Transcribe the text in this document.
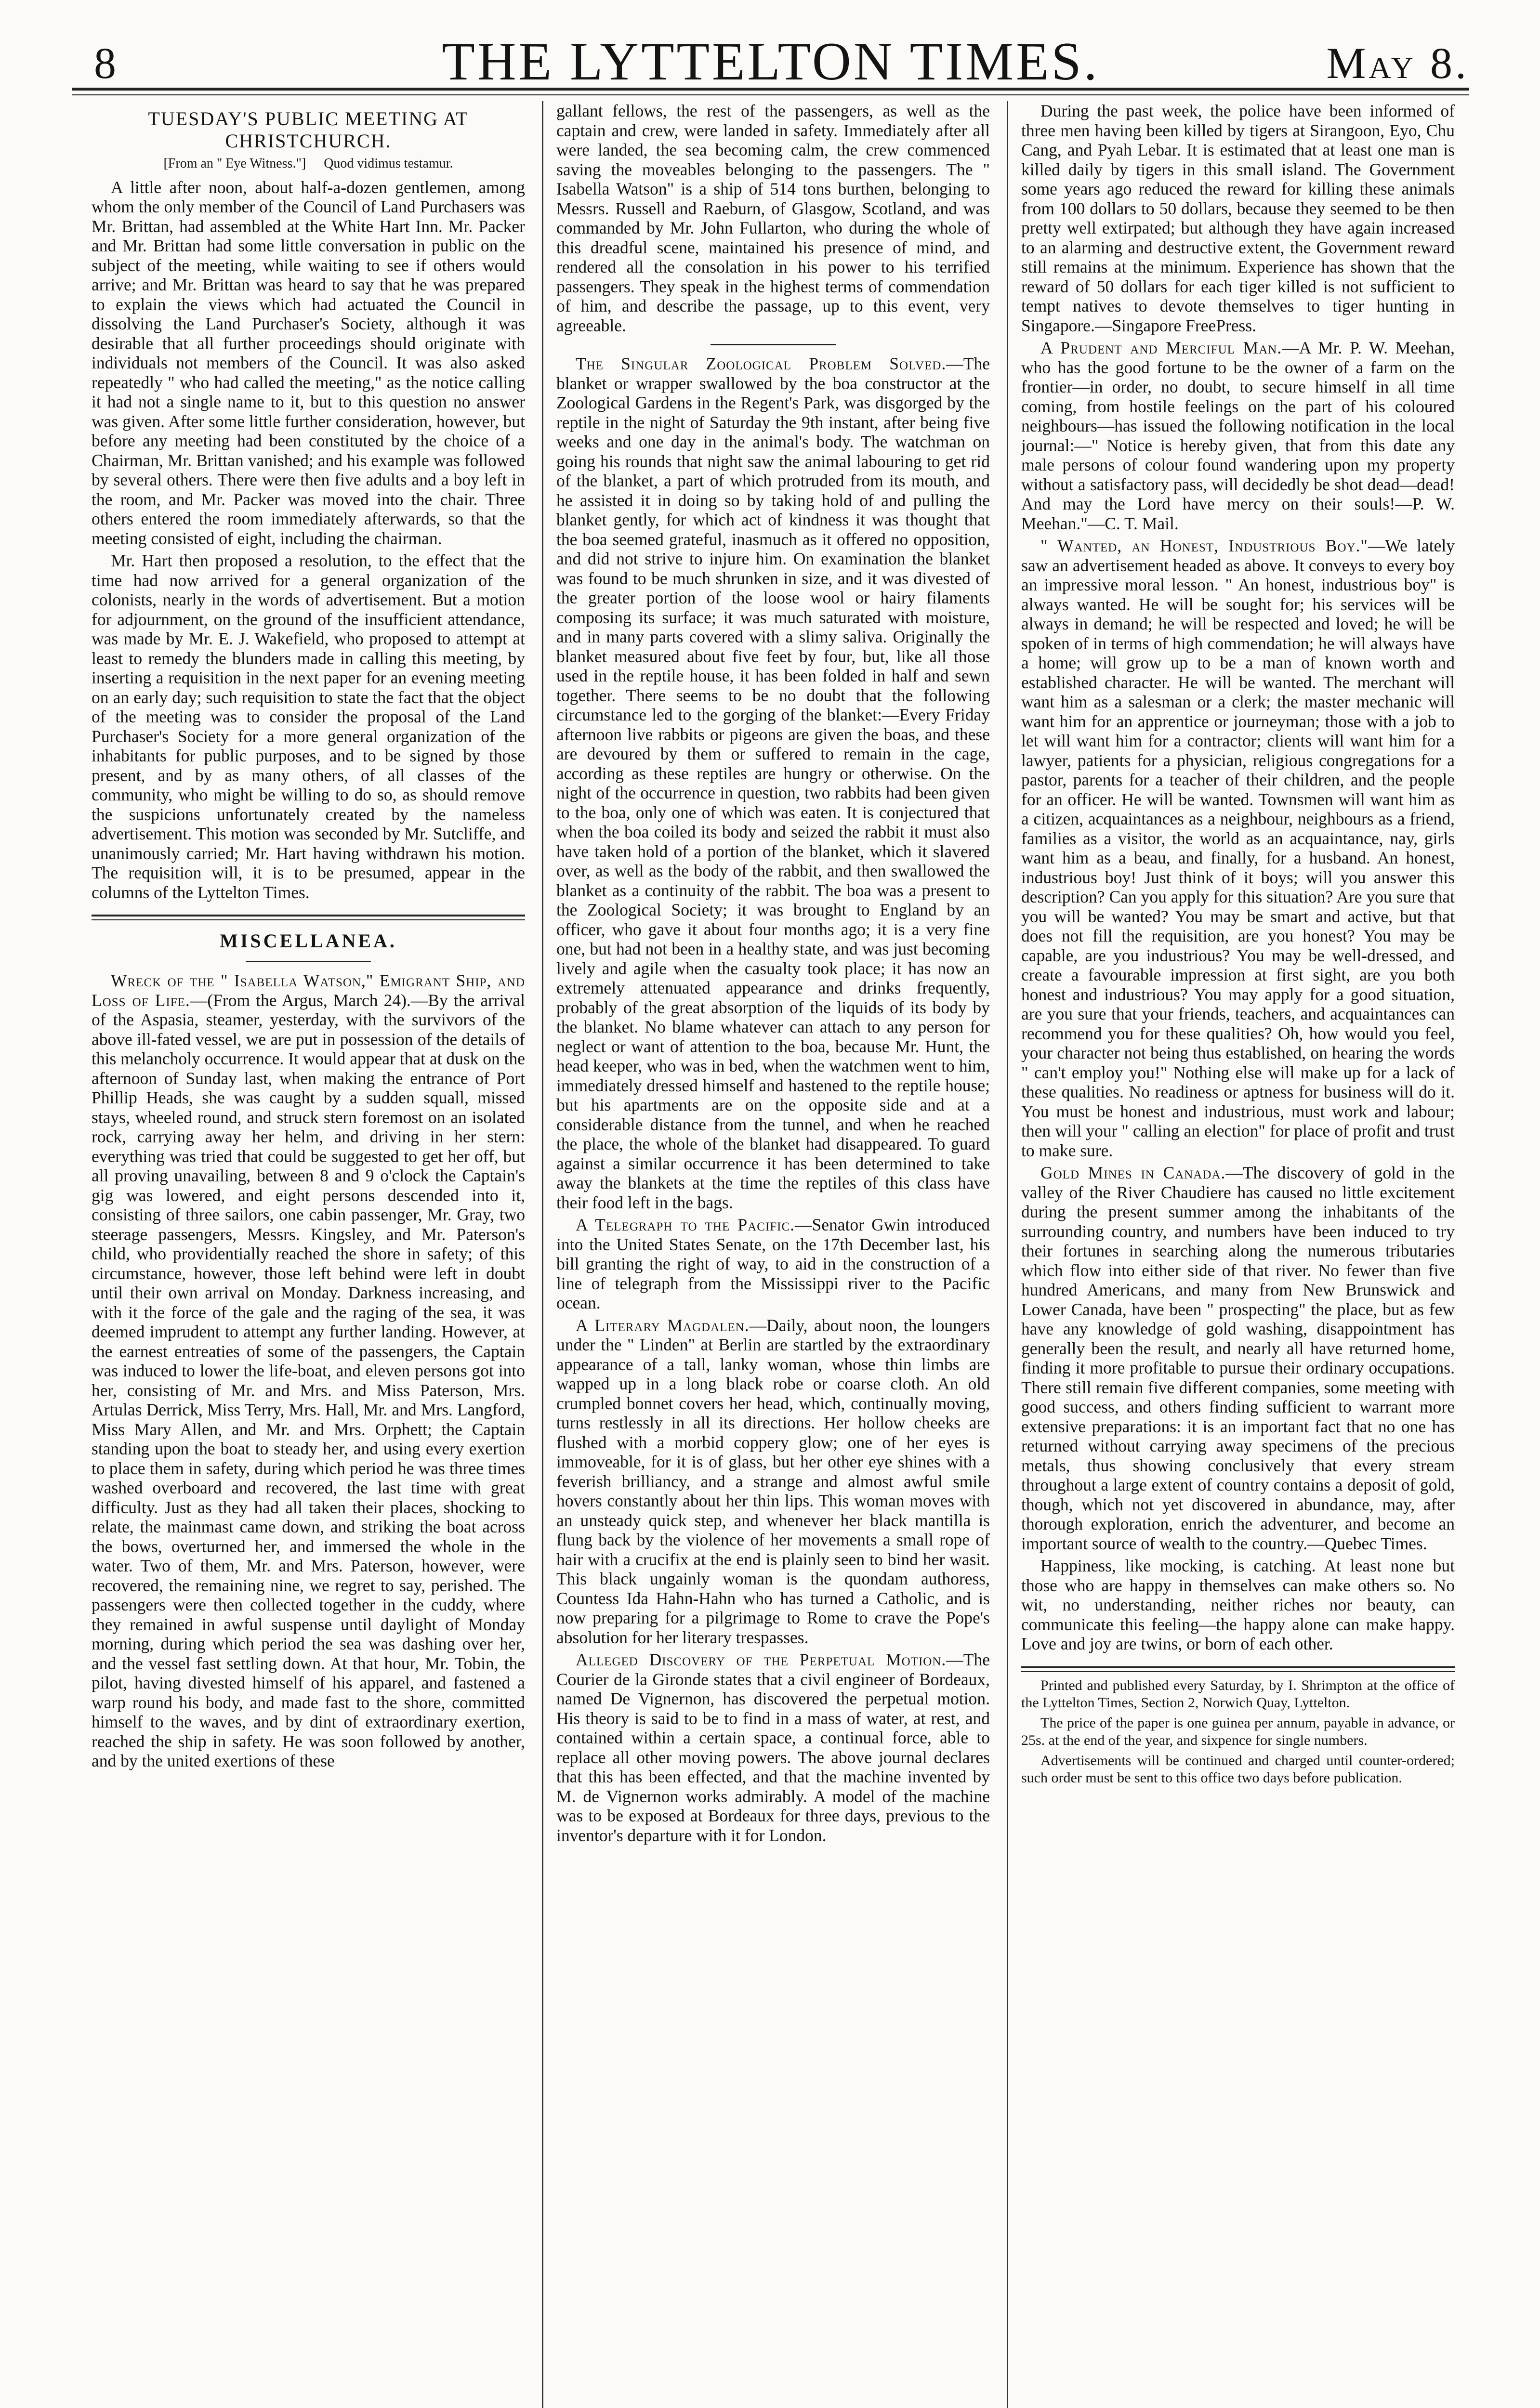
8	THE LYTTELTON TIMES.	May 8.
TUESDAY'S PUBLIC MEETING AT CHRISTCHURCH.

[From an " Eye Witness."] Quod vidimus testamur.

A little after noon, about half-a-dozen gentlemen, among whom the only member of the Council of Land Purchasers was Mr. Brittan, had assembled at the White Hart Inn. Mr. Packer and Mr. Brittan had some little conversation in public on the subject of the meeting, while waiting to see if others would arrive; and Mr. Brittan was heard to say that he was prepared to explain the views which had actuated the Council in dissolving the Land Purchaser's Society, although it was desirable that all further proceedings should originate with individuals not members of the Council. It was also asked repeatedly " who had called the meeting," as the notice calling it had not a single name to it, but to this question no answer was given. After some little further consideration, however, but before any meeting had been constituted by the choice of a Chairman, Mr. Brittan vanished; and his example was followed by several others. There were then five adults and a boy left in the room, and Mr. Packer was moved into the chair. Three others entered the room immediately afterwards, so that the meeting consisted of eight, including the chairman.

Mr. Hart then proposed a resolution, to the effect that the time had now arrived for a general organization of the colonists, nearly in the words of advertisement. But a motion for adjournment, on the ground of the insufficient attendance, was made by Mr. E. J. Wakefield, who proposed to attempt at least to remedy the blunders made in calling this meeting, by inserting a requisition in the next paper for an evening meeting on an early day; such requisition to state the fact that the object of the meeting was to consider the proposal of the Land Purchaser's Society for a more general organization of the inhabitants for public purposes, and to be signed by those present, and by as many others, of all classes of the community, who might be willing to do so, as should remove the suspicions unfortunately created by the nameless advertisement. This motion was seconded by Mr. Sutcliffe, and unanimously carried; Mr. Hart having withdrawn his motion. The requisition will, it is to be presumed, appear in the columns of the Lyttelton Times.

MISCELLANEA.

Wreck of the " Isabella Watson," Emigrant Ship, and Loss of Life.—(From the Argus, March 24).—By the arrival of the Aspasia, steamer, yesterday, with the survivors of the above ill-fated vessel, we are put in possession of the details of this melancholy occurrence. It would appear that at dusk on the afternoon of Sunday last, when making the entrance of Port Phillip Heads, she was caught by a sudden squall, missed stays, wheeled round, and struck stern foremost on an isolated rock, carrying away her helm, and driving in her stern: everything was tried that could be suggested to get her off, but all proving unavailing, between 8 and 9 o'clock the Captain's gig was lowered, and eight persons descended into it, consisting of three sailors, one cabin passenger, Mr. Gray, two steerage passengers, Messrs. Kingsley, and Mr. Paterson's child, who providentially reached the shore in safety; of this circumstance, however, those left behind were left in doubt until their own arrival on Monday. Darkness increasing, and with it the force of the gale and the raging of the sea, it was deemed imprudent to attempt any further landing. However, at the earnest entreaties of some of the passengers, the Captain was induced to lower the life-boat, and eleven persons got into her, consisting of Mr. and Mrs. and Miss Paterson, Mrs. Artulas Derrick, Miss Terry, Mrs. Hall, Mr. and Mrs. Langford, Miss Mary Allen, and Mr. and Mrs. Orphett; the Captain standing upon the boat to steady her, and using every exertion to place them in safety, during which period he was three times washed overboard and recovered, the last time with great difficulty. Just as they had all taken their places, shocking to relate, the mainmast came down, and striking the boat across the bows, overturned her, and immersed the whole in the water. Two of them, Mr. and Mrs. Paterson, however, were recovered, the remaining nine, we regret to say, perished. The passengers were then collected together in the cuddy, where they remained in awful suspense until daylight of Monday morning, during which period the sea was dashing over her, and the vessel fast settling down. At that hour, Mr. Tobin, the pilot, having divested himself of his apparel, and fastened a warp round his body, and made fast to the shore, committed himself to the waves, and by dint of extraordinary exertion, reached the ship in safety. He was soon followed by another, and by the united exertions of these

gallant fellows, the rest of the passengers, as well as the captain and crew, were landed in safety. Immediately after all were landed, the sea becoming calm, the crew commenced saving the moveables belonging to the passengers. The " Isabella Watson" is a ship of 514 tons burthen, belonging to Messrs. Russell and Raeburn, of Glasgow, Scotland, and was commanded by Mr. John Fullarton, who during the whole of this dreadful scene, maintained his presence of mind, and rendered all the consolation in his power to his terrified passengers. They speak in the highest terms of commendation of him, and describe the passage, up to this event, very agreeable.

The Singular Zoological Problem Solved.—The blanket or wrapper swallowed by the boa constructor at the Zoological Gardens in the Regent's Park, was disgorged by the reptile in the night of Saturday the 9th instant, after being five weeks and one day in the animal's body. The watchman on going his rounds that night saw the animal labouring to get rid of the blanket, a part of which protruded from its mouth, and he assisted it in doing so by taking hold of and pulling the blanket gently, for which act of kindness it was thought that the boa seemed grateful, inasmuch as it offered no opposition, and did not strive to injure him. On examination the blanket was found to be much shrunken in size, and it was divested of the greater portion of the loose wool or hairy filaments composing its surface; it was much saturated with moisture, and in many parts covered with a slimy saliva. Originally the blanket measured about five feet by four, but, like all those used in the reptile house, it has been folded in half and sewn together. There seems to be no doubt that the following circumstance led to the gorging of the blanket:—Every Friday afternoon live rabbits or pigeons are given the boas, and these are devoured by them or suffered to remain in the cage, according as these reptiles are hungry or otherwise. On the night of the occurrence in question, two rabbits had been given to the boa, only one of which was eaten. It is conjectured that when the boa coiled its body and seized the rabbit it must also have taken hold of a portion of the blanket, which it slavered over, as well as the body of the rabbit, and then swallowed the blanket as a continuity of the rabbit. The boa was a present to the Zoological Society; it was brought to England by an officer, who gave it about four months ago; it is a very fine one, but had not been in a healthy state, and was just becoming lively and agile when the casualty took place; it has now an extremely attenuated appearance and drinks frequently, probably of the great absorption of the liquids of its body by the blanket. No blame whatever can attach to any person for neglect or want of attention to the boa, because Mr. Hunt, the head keeper, who was in bed, when the watchmen went to him, immediately dressed himself and hastened to the reptile house; but his apartments are on the opposite side and at a considerable distance from the tunnel, and when he reached the place, the whole of the blanket had disappeared. To guard against a similar occurrence it has been determined to take away the blankets at the time the reptiles of this class have their food left in the bags.

A Telegraph to the Pacific.—Senator Gwin introduced into the United States Senate, on the 17th December last, his bill granting the right of way, to aid in the construction of a line of telegraph from the Mississippi river to the Pacific ocean.

A Literary Magdalen.—Daily, about noon, the loungers under the " Linden" at Berlin are startled by the extraordinary appearance of a tall, lanky woman, whose thin limbs are wapped up in a long black robe or coarse cloth. An old crumpled bonnet covers her head, which, continually moving, turns restlessly in all its directions. Her hollow cheeks are flushed with a morbid coppery glow; one of her eyes is immoveable, for it is of glass, but her other eye shines with a feverish brilliancy, and a strange and almost awful smile hovers constantly about her thin lips. This woman moves with an unsteady quick step, and whenever her black mantilla is flung back by the violence of her movements a small rope of hair with a crucifix at the end is plainly seen to bind her wasit. This black ungainly woman is the quondam authoress, Countess Ida Hahn-Hahn who has turned a Catholic, and is now preparing for a pilgrimage to Rome to crave the Pope's absolution for her literary trespasses.

Alleged Discovery of the Perpetual Motion.—The Courier de la Gironde states that a civil engineer of Bordeaux, named De Vignernon, has discovered the perpetual motion. His theory is said to be to find in a mass of water, at rest, and contained within a certain space, a continual force, able to replace all other moving powers. The above journal declares that this has been effected, and that the machine invented by M. de Vignernon works admirably. A model of the machine was to be exposed at Bordeaux for three days, previous to the inventor's departure with it for London.

During the past week, the police have been informed of three men having been killed by tigers at Sirangoon, Eyo, Chu Cang, and Pyah Lebar. It is estimated that at least one man is killed daily by tigers in this small island. The Government some years ago reduced the reward for killing these animals from 100 dollars to 50 dollars, because they seemed to be then pretty well extirpated; but although they have again increased to an alarming and destructive extent, the Government reward still remains at the minimum. Experience has shown that the reward of 50 dollars for each tiger killed is not sufficient to tempt natives to devote themselves to tiger hunting in Singapore.—Singapore FreePress.

A Prudent and Merciful Man.—A Mr. P. W. Meehan, who has the good fortune to be the owner of a farm on the frontier—in order, no doubt, to secure himself in all time coming, from hostile feelings on the part of his coloured neighbours—has issued the following notification in the local journal:—" Notice is hereby given, that from this date any male persons of colour found wandering upon my property without a satisfactory pass, will decidedly be shot dead—dead! And may the Lord have mercy on their souls!—P. W. Meehan."—C. T. Mail.

" Wanted, an Honest, Industrious Boy."—We lately saw an advertisement headed as above. It conveys to every boy an impressive moral lesson. " An honest, industrious boy" is always wanted. He will be sought for; his services will be always in demand; he will be respected and loved; he will be spoken of in terms of high commendation; he will always have a home; will grow up to be a man of known worth and established character. He will be wanted. The merchant will want him as a salesman or a clerk; the master mechanic will want him for an apprentice or journeyman; those with a job to let will want him for a contractor; clients will want him for a lawyer, patients for a physician, religious congregations for a pastor, parents for a teacher of their children, and the people for an officer. He will be wanted. Townsmen will want him as a citizen, acquaintances as a neighbour, neighbours as a friend, families as a visitor, the world as an acquaintance, nay, girls want him as a beau, and finally, for a husband. An honest, industrious boy! Just think of it boys; will you answer this description? Can you apply for this situation? Are you sure that you will be wanted? You may be smart and active, but that does not fill the requisition, are you honest? You may be capable, are you industrious? You may be well-dressed, and create a favourable impression at first sight, are you both honest and industrious? You may apply for a good situation, are you sure that your friends, teachers, and acquaintances can recommend you for these qualities? Oh, how would you feel, your character not being thus established, on hearing the words " can't employ you!" Nothing else will make up for a lack of these qualities. No readiness or aptness for business will do it. You must be honest and industrious, must work and labour; then will your " calling an election" for place of profit and trust to make sure.

Gold Mines in Canada.—The discovery of gold in the valley of the River Chaudiere has caused no little excitement during the present summer among the inhabitants of the surrounding country, and numbers have been induced to try their fortunes in searching along the numerous tributaries which flow into either side of that river. No fewer than five hundred Americans, and many from New Brunswick and Lower Canada, have been " prospecting" the place, but as few have any knowledge of gold washing, disappointment has generally been the result, and nearly all have returned home, finding it more profitable to pursue their ordinary occupations. There still remain five different companies, some meeting with good success, and others finding sufficient to warrant more extensive preparations: it is an important fact that no one has returned without carrying away specimens of the precious metals, thus showing conclusively that every stream throughout a large extent of country contains a deposit of gold, though, which not yet discovered in abundance, may, after thorough exploration, enrich the adventurer, and become an important source of wealth to the country.—Quebec Times.

Happiness, like mocking, is catching. At least none but those who are happy in themselves can make others so. No wit, no understanding, neither riches nor beauty, can communicate this feeling—the happy alone can make happy. Love and joy are twins, or born of each other.

Printed and published every Saturday, by I. Shrimpton at the office of the Lyttelton Times, Section 2, Norwich Quay, Lyttelton.

The price of the paper is one guinea per annum, payable in advance, or 25s. at the end of the year, and sixpence for single numbers.

Advertisements will be continued and charged until counter-ordered; such order must be sent to this office two days before publication.
